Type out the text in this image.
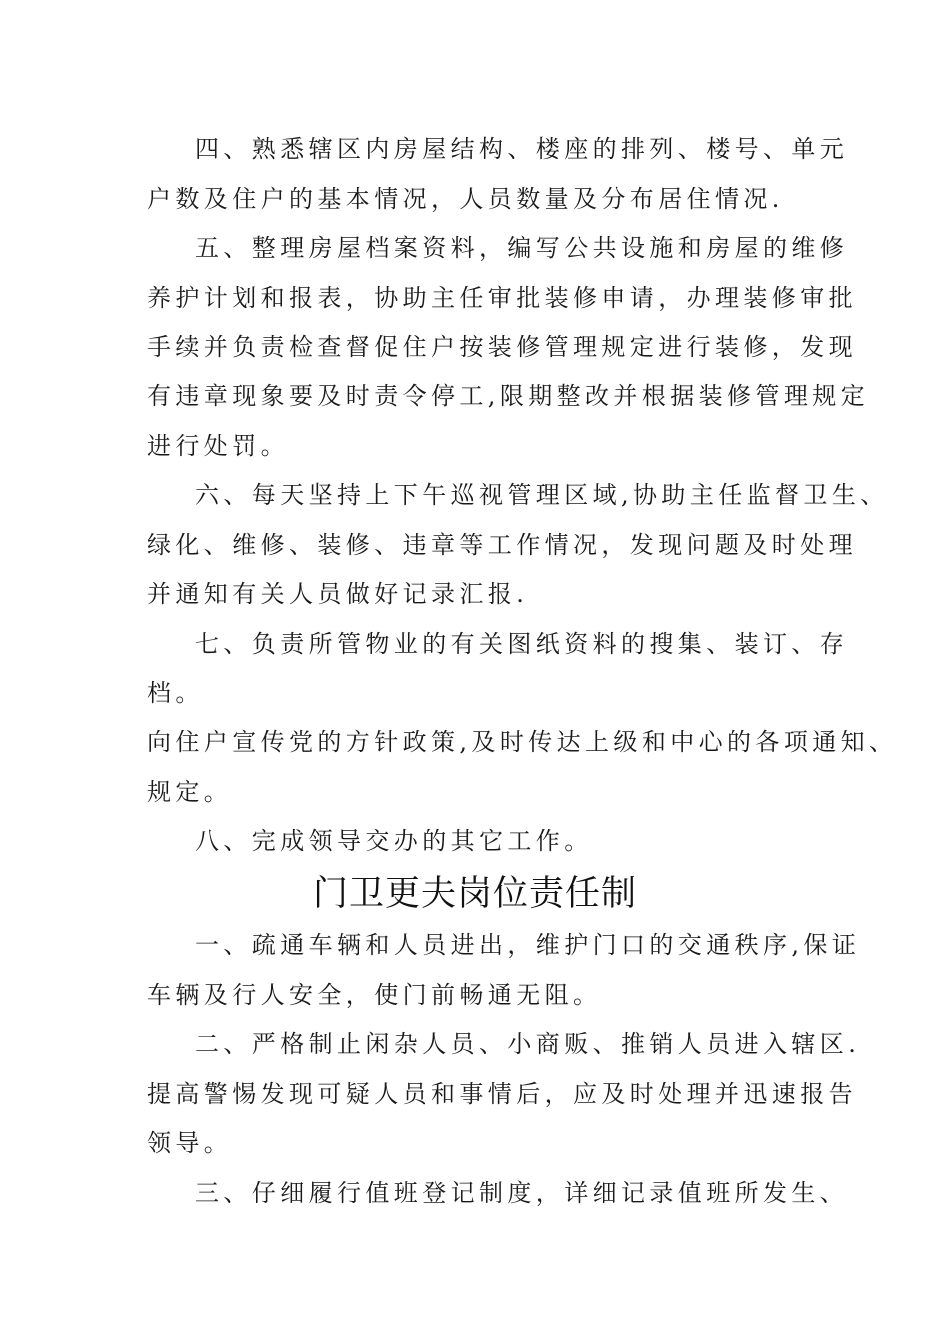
四、熟悉辖区内房屋结构、楼座的排列、楼号、单元
户数及住户的基本情况，人员数量及分布居住情况.
五、整理房屋档案资料，编写公共设施和房屋的维修
养护计划和报表，协助主任审批装修申请，办理装修审批
手续并负责检查督促住户按装修管理规定进行装修，发现
有违章现象要及时责令停工,限期整改并根据装修管理规定
进行处罚。
六、每天坚持上下午巡视管理区域,协助主任监督卫生、
绿化、维修、装修、违章等工作情况，发现问题及时处理
并通知有关人员做好记录汇报.
七、负责所管物业的有关图纸资料的搜集、装订、存
档。
向住户宣传党的方针政策,及时传达上级和中心的各项通知、
规定。
八、完成领导交办的其它工作。
门卫更夫岗位责任制
一、疏通车辆和人员进出，维护门口的交通秩序,保证
车辆及行人安全，使门前畅通无阻。
二、严格制止闲杂人员、小商贩、推销人员进入辖区.
提高警惕发现可疑人员和事情后，应及时处理并迅速报告
领导。
三、仔细履行值班登记制度，详细记录值班所发生、
